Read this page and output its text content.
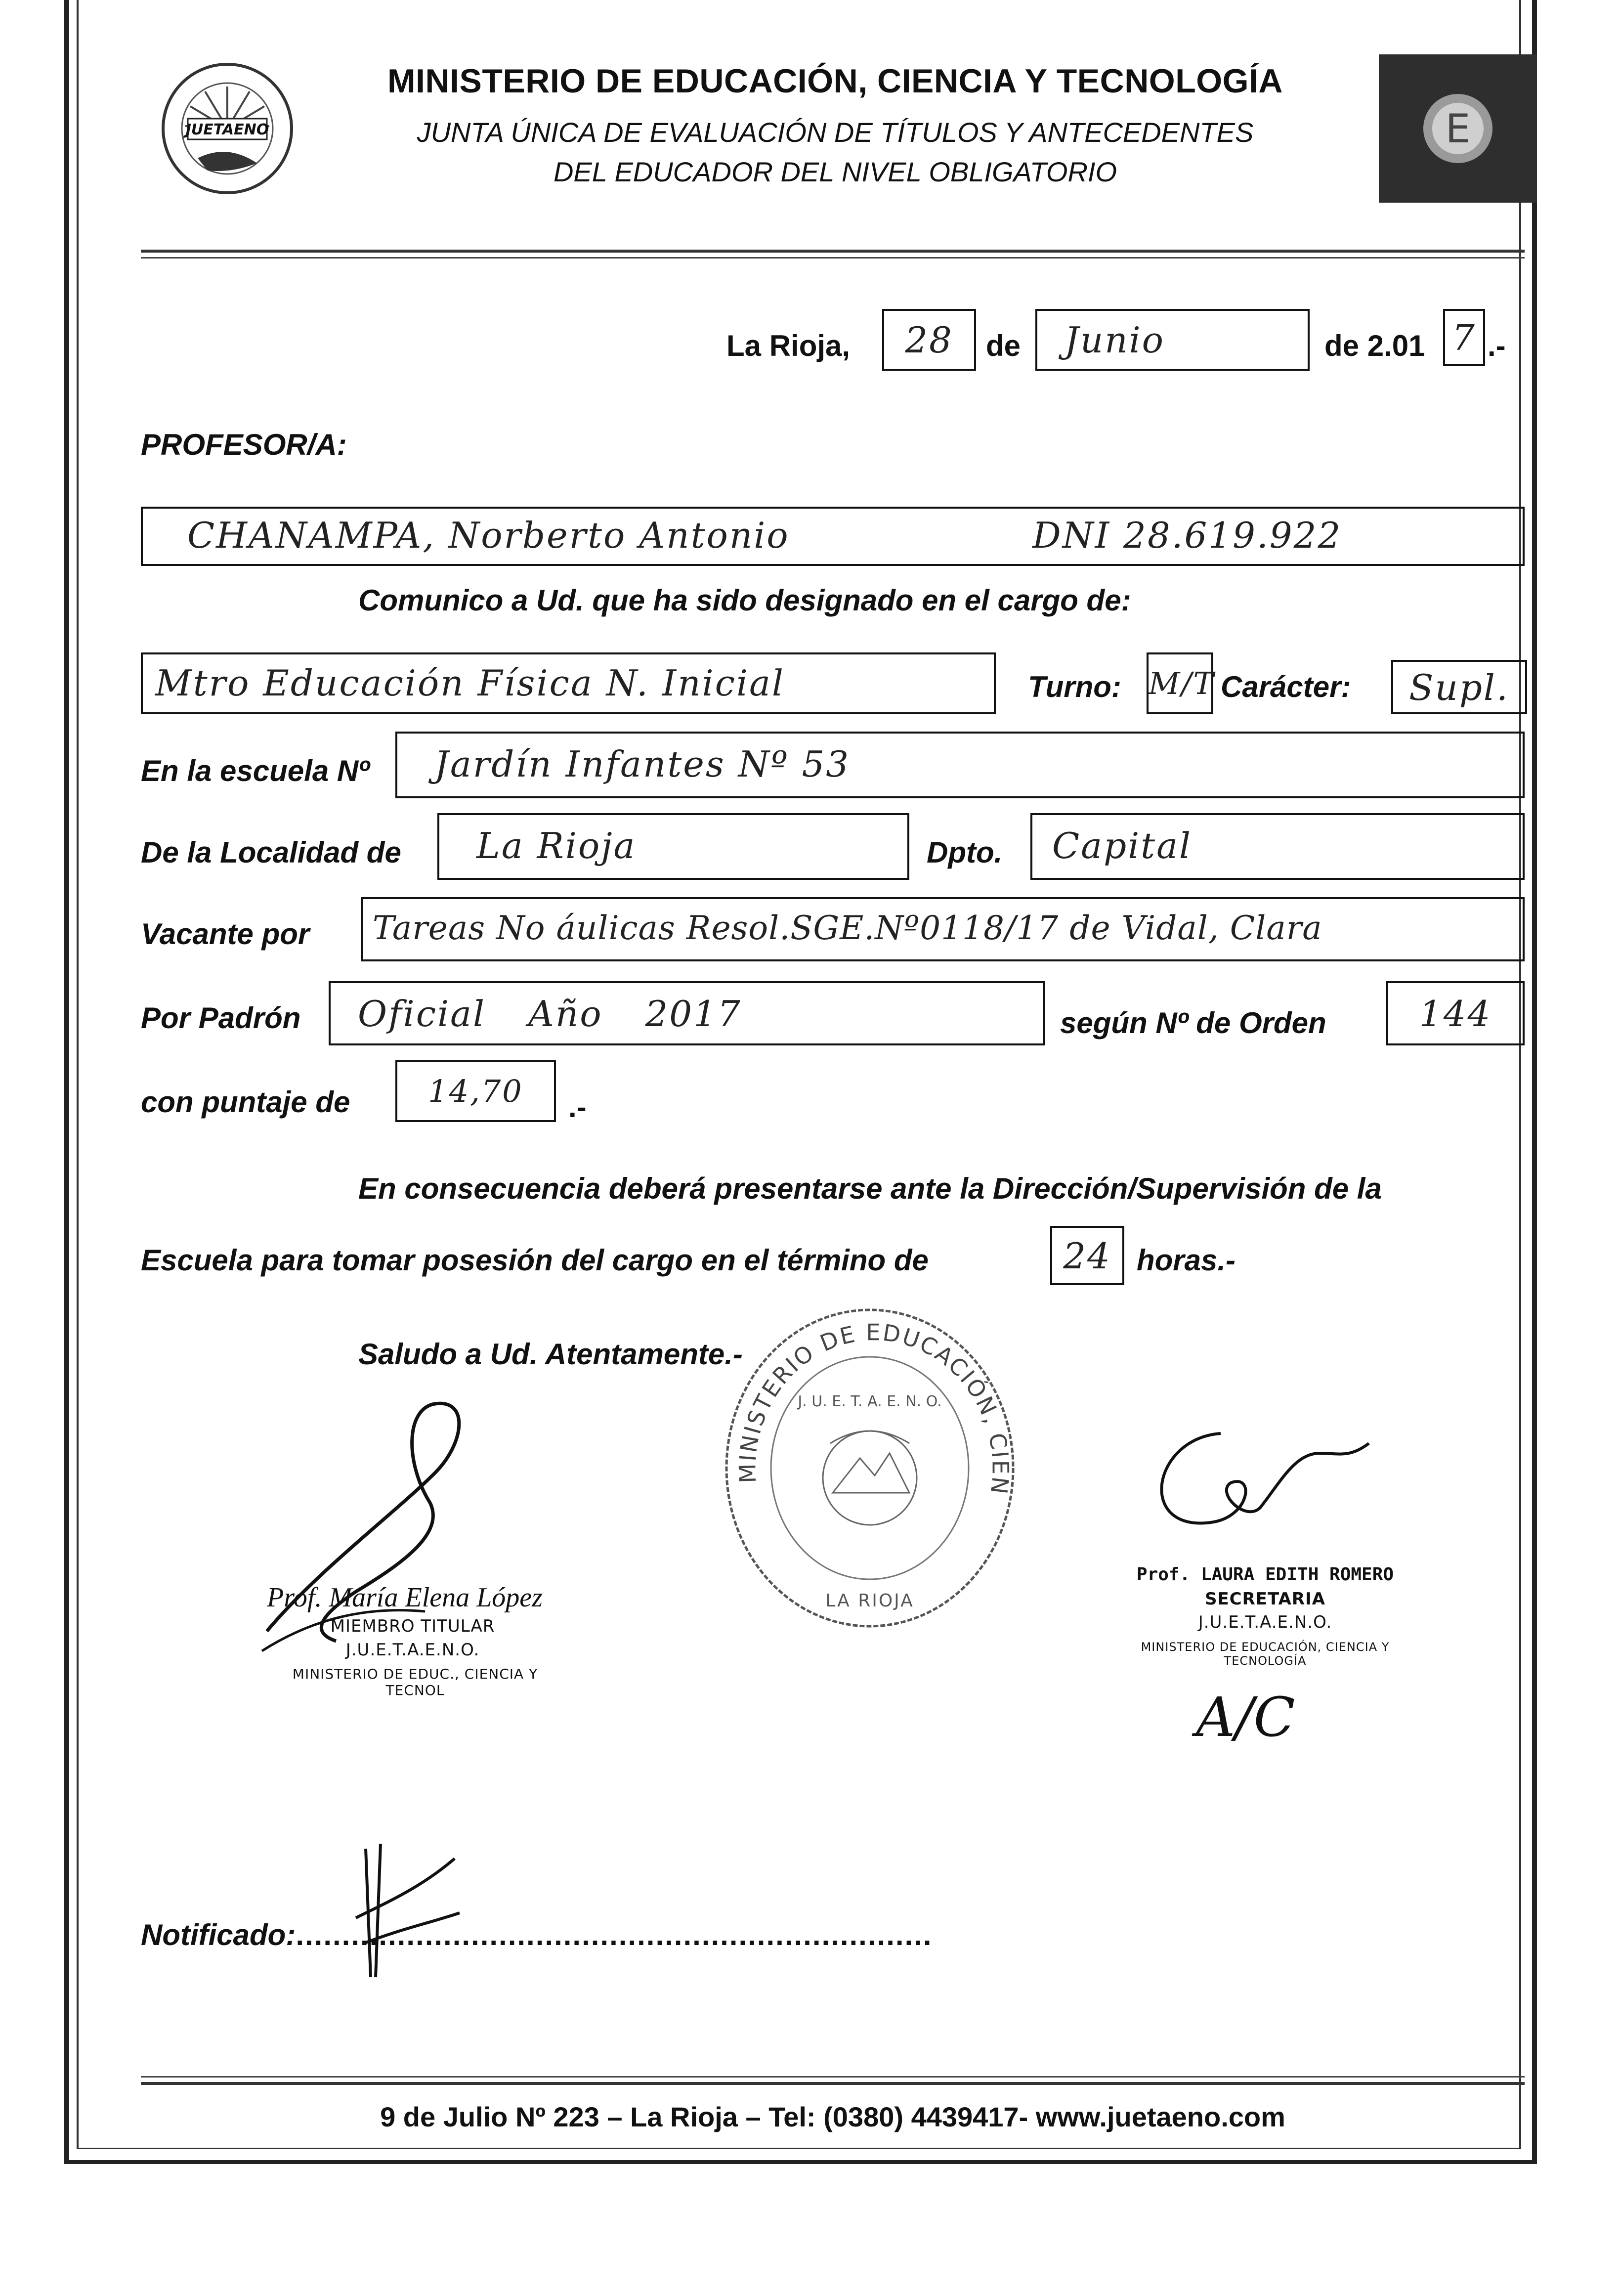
JUETAENO
MINISTERIO DE EDUCACIÓN, CIENCIA Y TECNOLOGÍA
JUNTA ÚNICA DE EVALUACIÓN DE TÍTULOS Y ANTECEDENTES
DEL EDUCADOR DEL NIVEL OBLIGATORIO
E
La Rioja,	28	de	Junio	de 2.01 7 .-
PROFESOR/A:
CHANAMPA, Norberto Antonio	DNI 28.619.922
Comunico a Ud. que ha sido designado en el cargo de:
Mtro Educación Física N. Inicial	Turno: M/T Carácter:	Supl.
En la escuela Nº Jardín Infantes Nº 53
De la Localidad de La Rioja	Dpto. Capital
Vacante por Tareas No áulicas Resol.SGE.Nº0118/17 de Vidal, Clara
Por Padrón Oficial Año 2017	según Nº de Orden	144
con puntaje de	14,70	.-
En consecuencia deberá presentarse ante la Dirección/Supervisión de la
Escuela para tomar posesión del cargo en el término de	24 horas.-
Saludo a Ud. Atentamente.-
MINISTERIO DE EDUCACIÓN, CIEN
J. U. E. T. A. E. N. O.
LA RIOJA
Prof. María Elena López
MIEMBRO TITULAR
J.U.E.T.A.E.N.O.
MINISTERIO DE EDUC., CIENCIA Y TECNOL
Prof. LAURA EDITH ROMERO
SECRETARIA
J.U.E.T.A.E.N.O.
MINISTERIO DE EDUCACIÓN, CIENCIA Y TECNOLOGÍA
A/C
Notificado:.....................................................................
9 de Julio Nº 223 – La Rioja – Tel: (0380) 4439417- www.juetaeno.com
